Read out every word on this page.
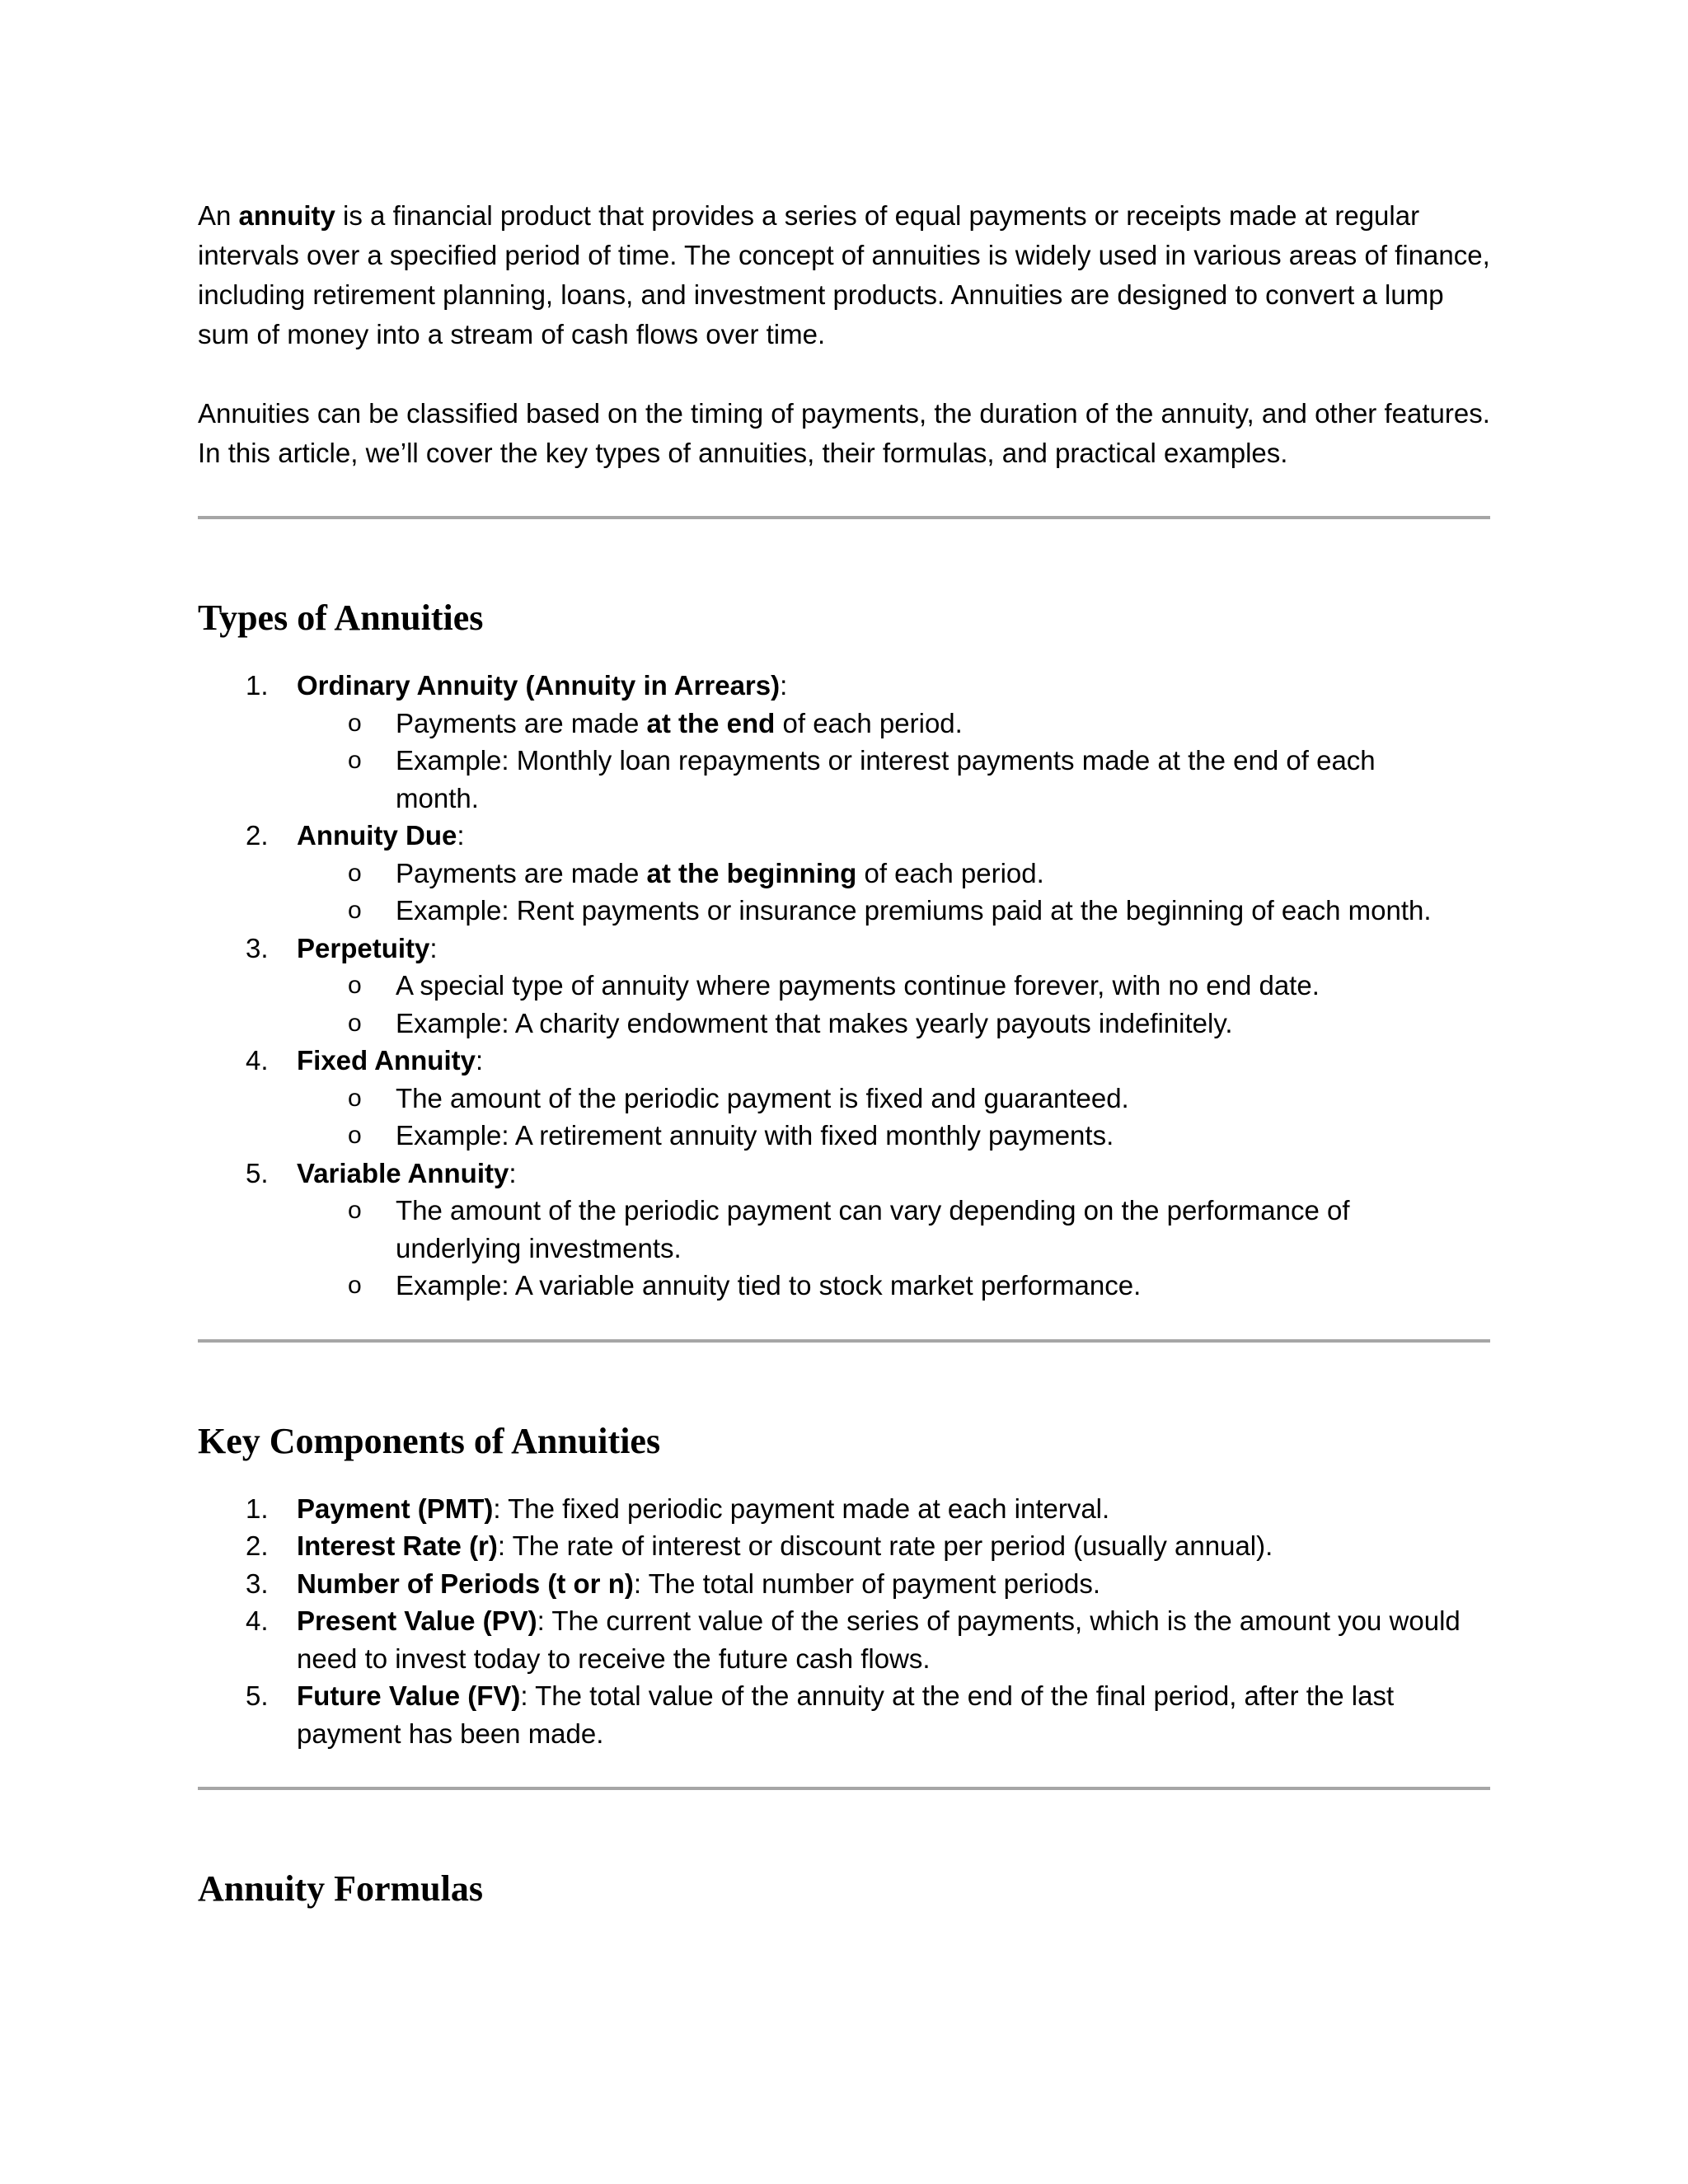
An annuity is a financial product that provides a series of equal payments or receipts made at regular intervals over a specified period of time. The concept of annuities is widely used in various areas of finance, including retirement planning, loans, and investment products. Annuities are designed to convert a lump sum of money into a stream of cash flows over time.

Annuities can be classified based on the timing of payments, the duration of the annuity, and other features. In this article, we’ll cover the key types of annuities, their formulas, and practical examples.

Types of Annuities
1. Ordinary Annuity (Annuity in Arrears):
o Payments are made at the end of each period.
o Example: Monthly loan repayments or interest payments made at the end of each month.
2. Annuity Due:
o Payments are made at the beginning of each period.
o Example: Rent payments or insurance premiums paid at the beginning of each month.
3. Perpetuity:
o A special type of annuity where payments continue forever, with no end date.
o Example: A charity endowment that makes yearly payouts indefinitely.
4. Fixed Annuity:
o The amount of the periodic payment is fixed and guaranteed.
o Example: A retirement annuity with fixed monthly payments.
5. Variable Annuity:
o The amount of the periodic payment can vary depending on the performance of underlying investments.
o Example: A variable annuity tied to stock market performance.
Key Components of Annuities
1. Payment (PMT): The fixed periodic payment made at each interval.
2. Interest Rate (r): The rate of interest or discount rate per period (usually annual).
3. Number of Periods (t or n): The total number of payment periods.
4. Present Value (PV): The current value of the series of payments, which is the amount you would need to invest today to receive the future cash flows.
5. Future Value (FV): The total value of the annuity at the end of the final period, after the last payment has been made.
Annuity Formulas
